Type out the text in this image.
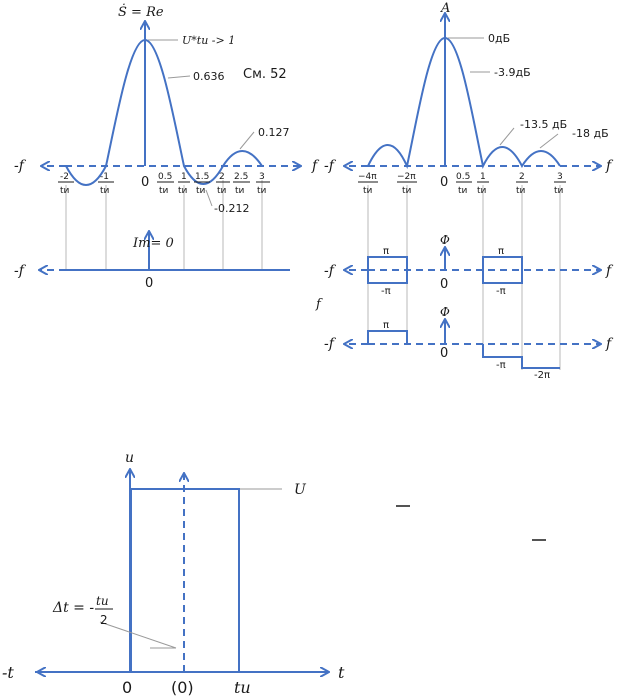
Ṡ = Re
U*tи -> 1
0.636 См. 52
0.127
-0.212
-f	f
0
-2
tи
-1
tи
0.5
tи
1
tи
1.5
tи
2
tи
2.5
tи
3
tи
Im= 0
-f
0
A
0дБ
-3.9дБ
-13.5 дБ
-18 дБ
-f	f
0
−4π
tи
−2π
tи
0.5
tи
1
tи
2
tи
3
tи
Φ
-f	f
0
π
-π
π
-π
f	Φ
-f	f
0
π
-π
-2π
u
U
Δt = - tи
2
-t	t
0 (0)	tи
